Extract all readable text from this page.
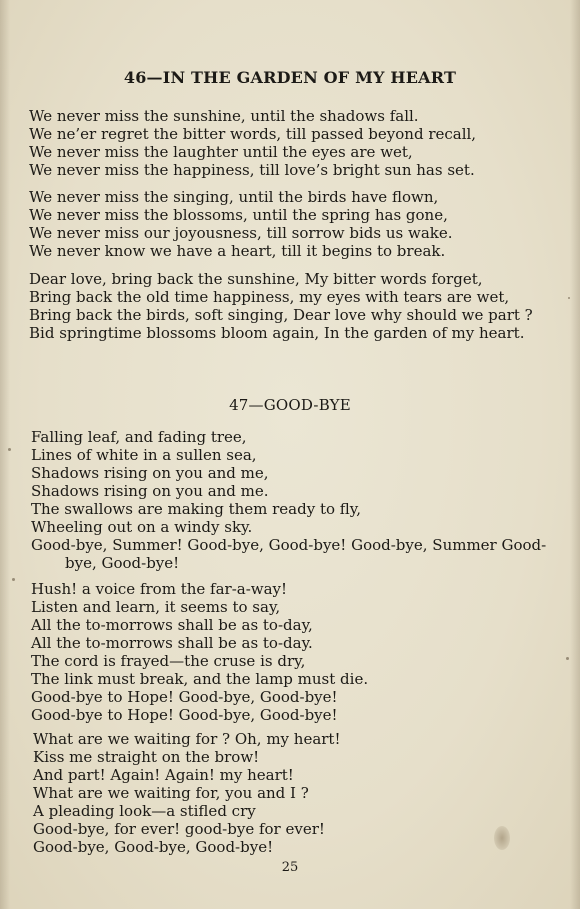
46—IN THE GARDEN OF MY HEART
We never miss the sunshine, until the shadows fall.
We ne’er regret the bitter words, till passed beyond recall,
We never miss the laughter until the eyes are wet,
We never miss the happiness, till love’s bright sun has set.
We never miss the singing, until the birds have flown,
We never miss the blossoms, until the spring has gone,
We never miss our joyousness, till sorrow bids us wake.
We never know we have a heart, till it begins to break.
Dear love, bring back the sunshine, My bitter words forget,
Bring back the old time happiness, my eyes with tears are wet,
Bring back the birds, soft singing, Dear love why should we part ?
Bid springtime blossoms bloom again, In the garden of my heart.
47—GOOD-BYE
Falling leaf, and fading tree,
Lines of white in a sullen sea,
Shadows rising on you and me,
Shadows rising on you and me.
The swallows are making them ready to fly,
Wheeling out on a windy sky.
Good-bye, Summer! Good-bye, Good-bye! Good-bye, Summer Good-bye, Good-bye!
Hush! a voice from the far-a-way!
Listen and learn, it seems to say,
All the to-morrows shall be as to-day,
All the to-morrows shall be as to-day.
The cord is frayed—the cruse is dry,
The link must break, and the lamp must die.
Good-bye to Hope! Good-bye, Good-bye!
Good-bye to Hope! Good-bye, Good-bye!
What are we waiting for ? Oh, my heart!
Kiss me straight on the brow!
And part! Again! Again! my heart!
What are we waiting for, you and I ?
A pleading look—a stifled cry
Good-bye, for ever! good-bye for ever!
Good-bye, Good-bye, Good-bye!
25
